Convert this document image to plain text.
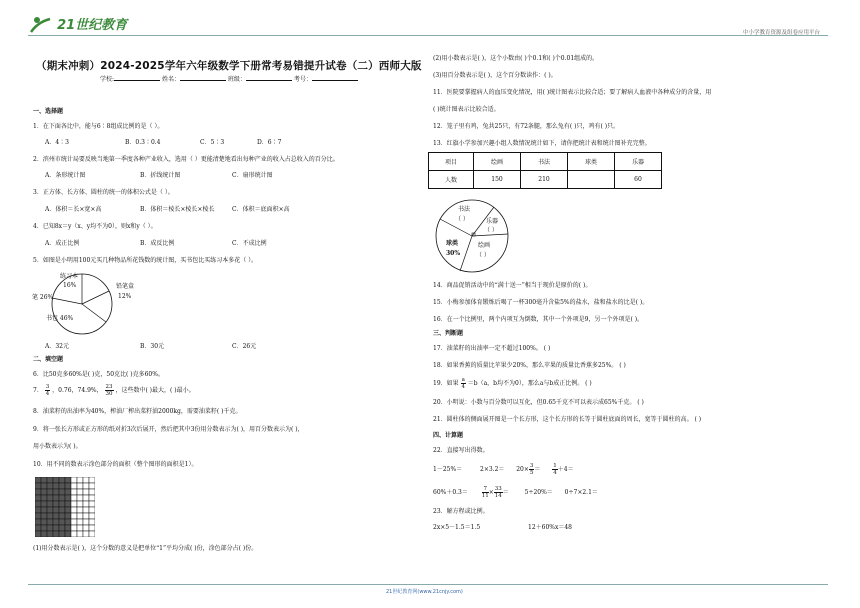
21世纪教育	中小学教育资源及组卷应用平台
（期末冲刺）2024-2025学年六年级数学下册常考易错提升试卷（二）西师大版
学校:	姓名：	班级：	考号：
一、选择题
1．在下面各比中，能与6∶8组成比例的是（ ）。
A．4∶3	B．0.3∶0.4	C．5∶3	D．6∶7
2．滨州市统计局要反映当地第一季度各种产业收入，选用（ ）更能清楚地看出每种产业的收入占总收入的百分比。
A．条形统计图	B．折线统计图	C．扇形统计图
3．正方体、长方体、圆柱的统一的体积公式是（ ）。
A．体积＝长×宽×高	B．体积＝棱长×棱长×棱长	C．体积＝底面积×高
4．已知8x＝y（x、y均不为0），则x和y（ ）。
A．成正比例	B．成反比例	C．不成比例
5．如图是小明用100元买几种物品所花钱数的统计图，买书包比买练习本多花（ ）。
练习本
16%	铅笔盒
12%
笔 26%
书包 46%
A．32元	B．30元	C．26元
二、填空题
6．比50克多60%是( )克，50克比( )克多60%。
7． $\frac{3}{4}$ ，0.76，74.9%， $\frac{23}{30}$ ，这些数中( )最大，( )最小。
8．油菜籽的出油率为40%，榨油厂榨出菜籽油2000kg，需要油菜籽( )千克。
9．将一张长方形或正方形的纸对折3次后展开，然后把其中3份用分数表示为( )，用百分数表示为( )，
用小数表示为( )。
10．用不同的数表示涂色部分的面积（整个图形的面积是1）。
(1)用分数表示是( )，这个分数的意义是把单位“1”平均分成( )份，涂色部分占( )份。
(2)用小数表示是( )，这个小数由( )个0.1和( )个0.01组成的。
(3)用百分数表示是( )，这个百分数读作：( )。
11．医院要掌握病人的血压变化情况，用( )统计图表示比较合适；要了解病人血液中各种成分的含量，用
( )统计图表示比较合适。
12．笼子里有鸡，兔共25只，有72条腿，那么兔有( )只，鸡有( )只。
13．红旗小学参加兴趣小组人数情况统计如下，请你把统计表和统计图补充完整。
项目	绘画	书法	球类	乐器
人数	150	210		60
书法
（ ）	乐器
（ ）
球类
30%
绘画
（ ）
14．商品促销活动中的“满十送一”相当于现价是原价的( )。
15．小梅参加体育锻炼后喝了一杯300毫升含盐5%的盐水，盐和盐水的比是( )。
16．在一个比例里，两个内项互为倒数，其中一个外项是9，另一个外项是( )。
三、判断题
17．油菜籽的出油率一定不超过100%。 ( )
18．如果香蕉的质量比苹果少20%，那么苹果的质量比香蕉多25%。 ( )
19．如果 $\frac{a}{4} =b(a$，b均不为0），那么a与b成正比例。 ( )
20．小明说：小数与百分数可以互化，但0.65千克不可以表示成65%千克。 ( )
21．圆柱体的侧面展开图是一个长方形，这个长方形的长等于圆柱底面的周长，宽等于圆柱的高。 ( )
四、计算题
22．直接写出得数。
1－25%＝	$2\times 3.2= 20\times \frac{3}{5} = \frac{1}{4} +4=$
60%＋0.3＝	$\frac{7}{11} \times \frac{33}{14}$ ＝	5÷20%＝ 0÷7×2.1＝
23．解方程或比例。
2x×5－1.5＝1.5	12＋60%x＝48
21世纪教育网(www.21cnjy.com)
